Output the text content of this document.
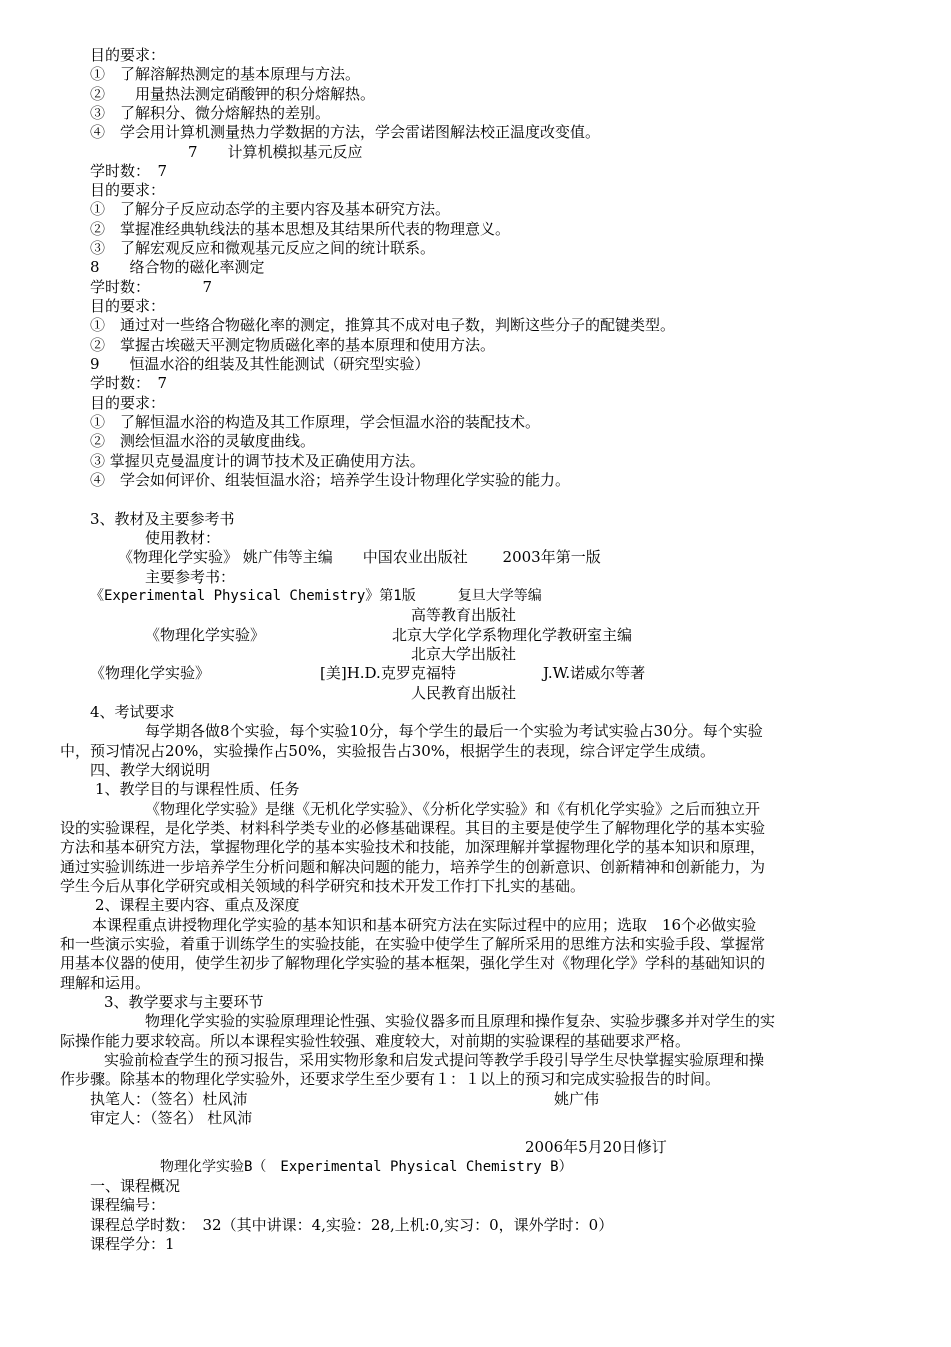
目的要求：
①　了解溶解热测定的基本原理与方法。
②　　用量热法测定硝酸钾的积分熔解热。
③　了解积分、微分熔解热的差别。
④　学会用计算机测量热力学数据的方法，学会雷诺图解法校正温度改变值。
7　　计算机模拟基元反应
学时数：　7
目的要求：
①　了解分子反应动态学的主要内容及基本研究方法。
②　掌握准经典轨线法的基本思想及其结果所代表的物理意义。
③　了解宏观反应和微观基元反应之间的统计联系。
8　　络合物的磁化率测定
学时数：　　　　7
目的要求：
①　通过对一些络合物磁化率的测定，推算其不成对电子数，判断这些分子的配键类型。
②　掌握古埃磁天平测定物质磁化率的基本原理和使用方法。
9　　恒温水浴的组装及其性能测试（研究型实验）
学时数：　7
目的要求：
①　了解恒温水浴的构造及其工作原理，学会恒温水浴的装配技术。
②　测绘恒温水浴的灵敏度曲线。
③ 掌握贝克曼温度计的调节技术及正确使用方法。
④　学会如何评价、组装恒温水浴；培养学生设计物理化学实验的能力。
3、教材及主要参考书
使用教材：
《物理化学实验》 姚广伟等主编　　中国农业出版社　　 2003年第一版
主要参考书：
《Experimental Physical Chemistry》第1版　　　复旦大学等编
高等教育出版社
《物理化学实验》	北京大学化学系物理化学教研室主编
北京大学出版社
《物理化学实验》	[美]H.D.克罗克福特	J.W.诺威尔等著
人民教育出版社
4、考试要求
每学期各做8个实验，每个实验10分，每个学生的最后一个实验为考试实验占30分。每个实验
中，预习情况占20%，实验操作占50%，实验报告占30%，根据学生的表现，综合评定学生成绩。
四、教学大纲说明
1、教学目的与课程性质、任务
《物理化学实验》是继《无机化学实验》、《分析化学实验》和《有机化学实验》之后而独立开
设的实验课程，是化学类、材料科学类专业的必修基础课程。其目的主要是使学生了解物理化学的基本实验
方法和基本研究方法，掌握物理化学的基本实验技术和技能，加深理解并掌握物理化学的基本知识和原理，
通过实验训练进一步培养学生分析问题和解决问题的能力，培养学生的创新意识、创新精神和创新能力，为
学生今后从事化学研究或相关领域的科学研究和技术开发工作打下扎实的基础。
2、课程主要内容、重点及深度
本课程重点讲授物理化学实验的基本知识和基本研究方法在实际过程中的应用；选取　16个必做实验
和一些演示实验，着重于训练学生的实验技能，在实验中使学生了解所采用的思维方法和实验手段、掌握常
用基本仪器的使用，使学生初步了解物理化学实验的基本框架，强化学生对《物理化学》学科的基础知识的
理解和运用。
3、教学要求与主要环节
物理化学实验的实验原理理论性强、实验仪器多而且原理和操作复杂、实验步骤多并对学生的实
际操作能力要求较高。所以本课程实验性较强、难度较大，对前期的实验课程的基础要求严格。
实验前检查学生的预习报告，采用实物形象和启发式提问等教学手段引导学生尽快掌握实验原理和操
作步骤。除基本的物理化学实验外，还要求学生至少要有１：１以上的预习和完成实验报告的时间。
执笔人：（签名）杜风沛	姚广伟
审定人：（签名） 杜风沛
2006年5月20日修订
物理化学实验B（　Experimental Physical Chemistry B）
一、课程概况
课程编号：
课程总学时数：　32（其中讲课：4,实验：28,上机:0,实习：0，课外学时：0）
课程学分：1
